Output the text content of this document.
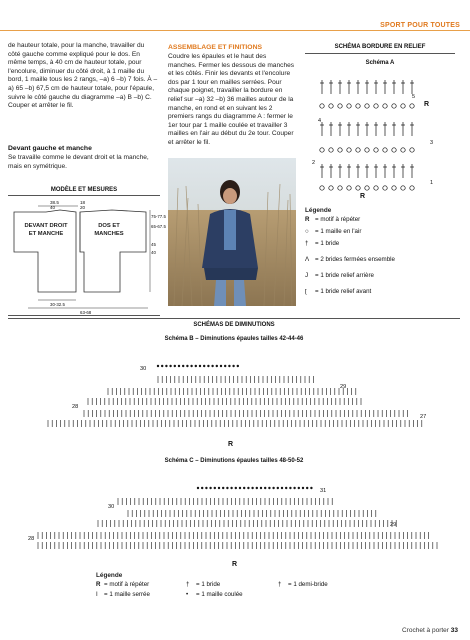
SPORT POUR TOUTES
de hauteur totale, pour la manche, travailler du côté gauche comme expliqué pour le dos. En même temps, à 40 cm de hauteur totale, pour l'encolure, diminuer du côté droit, à 1 maille du bord, 1 maille tous les 2 rangs, –a) 6 –b) 7 fois. À –a) 65 –b) 67,5 cm de hauteur totale, pour l'épaule, suivre le côté gauche du diagramme –a) B –b) C. Couper et arrêter le fil.
Devant gauche et manche
Se travaille comme le devant droit et la manche, mais en symétrique.
MODÈLE ET MESURES
38.5
40
18
20
75-77.5
65-67.5
45
40
30-32.5
63-68
DEVANT DROIT ET MANCHE
DOS ET MANCHES
ASSEMBLAGE ET FINITIONS
Coudre les épaules et le haut des manches. Fermer les dessous de manches et les côtés. Finir les devants et l'encolure dos par 1 tour en mailles serrées. Pour chaque poignet, travailler la bordure en relief sur –a) 32 –b) 36 mailles autour de la manche, en rond et en suivant les 2 premiers rangs du diagramme A : fermer le 1er tour par 1 maille coulée et travailler 3 mailles en l'air au début du 2e tour. Couper et arrêter le fil.
SCHÉMA BORDURE EN RELIEF
Schéma A
R
5
4
3
2
1
R
Légende
R = motif à répéter
○ = 1 maille en l'air
† = 1 bride
Λ = 2 brides fermées ensemble
J = 1 bride relief arrière
ʈ = 1 bride relief avant
SCHÉMAS DE DIMINUTIONS
Schéma B – Diminutions épaules tailles 42-44-46
30
29
28
27
R
Schéma C – Diminutions épaules tailles 48-50-52
31
30
29
28
R
Légende
R = motif à répéter
I = 1 maille serrée
† = 1 bride
• = 1 maille coulée
† = 1 demi-bride
Crochet à porter 33
